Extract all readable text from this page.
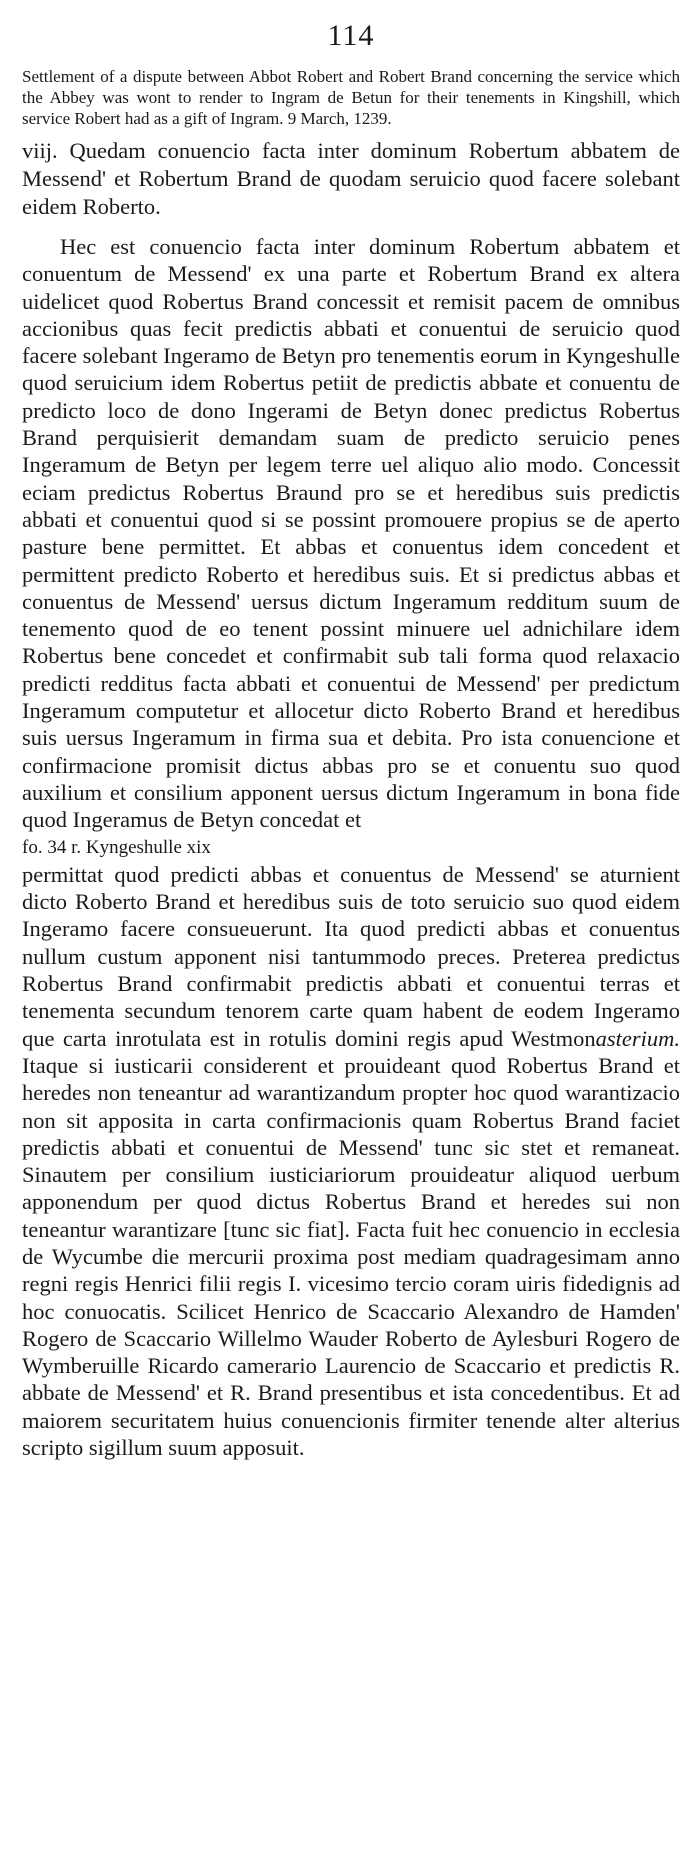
114

Settlement of a dispute between Abbot Robert and Robert Brand concerning the service which the Abbey was wont to render to Ingram de Betun for their tenements in Kingshill, which service Robert had as a gift of Ingram. 9 March, 1239.

viij. Quedam conuencio facta inter dominum Robertum abbatem de Messend' et Robertum Brand de quodam seruicio quod facere solebant eidem Roberto.

Hec est conuencio facta inter dominum Robertum abbatem et conuentum de Messend' ex una parte et Robertum Brand ex altera uidelicet quod Robertus Brand concessit et remisit pacem de omnibus accionibus quas fecit predictis abbati et conuentui de seruicio quod facere solebant Ingeramo de Betyn pro tenementis eorum in Kyngeshulle quod seruicium idem Robertus petiit de predictis abbate et conuentu de predicto loco de dono Ingerami de Betyn donec predictus Robertus Brand perquisierit demandam suam de predicto seruicio penes Ingeramum de Betyn per legem terre uel aliquo alio modo. Concessit eciam predictus Robertus Braund pro se et heredibus suis predictis abbati et conuentui quod si se possint promouere propius se de aperto pasture bene permittet. Et abbas et conuentus idem concedent et permittent predicto Roberto et heredibus suis. Et si predictus abbas et conuentus de Messend' uersus dictum Ingeramum redditum suum de tenemento quod de eo tenent possint minuere uel adnichilare idem Robertus bene concedet et confirmabit sub tali forma quod relaxacio predicti redditus facta abbati et conuentui de Messend' per predictum Ingeramum computetur et allocetur dicto Roberto Brand et heredibus suis uersus Ingeramum in firma sua et debita. Pro ista conuencione et confirmacione promisit dictus abbas pro se et conuentu suo quod auxilium et consilium apponent uersus dictum Ingeramum in bona fide quod Ingeramus de Betyn concedat et

fo. 34 r. Kyngeshulle xix

permittat quod predicti abbas et conuentus de Messend' se aturnient dicto Roberto Brand et heredibus suis de toto seruicio suo quod eidem Ingeramo facere consueuerunt. Ita quod predicti abbas et conuentus nullum custum apponent nisi tantummodo preces. Preterea predictus Robertus Brand confirmabit predictis abbati et conuentui terras et tenementa secundum tenorem carte quam habent de eodem Ingeramo que carta inrotulata est in rotulis domini regis apud Westmonasterium. Itaque si iusticarii considerent et prouideant quod Robertus Brand et heredes non teneantur ad warantizandum propter hoc quod warantizacio non sit apposita in carta confirmacionis quam Robertus Brand faciet predictis abbati et conuentui de Messend' tunc sic stet et remaneat. Sinautem per consilium iusticiariorum prouideatur aliquod uerbum apponendum per quod dictus Robertus Brand et heredes sui non teneantur warantizare [tunc sic fiat]. Facta fuit hec conuencio in ecclesia de Wycumbe die mercurii proxima post mediam quadragesimam anno regni regis Henrici filii regis I. vicesimo tercio coram uiris fidedignis ad hoc conuocatis. Scilicet Henrico de Scaccario Alexandro de Hamden' Rogero de Scaccario Willelmo Wauder Roberto de Aylesburi Rogero de Wymberuille Ricardo camerario Laurencio de Scaccario et predictis R. abbate de Messend' et R. Brand presentibus et ista concedentibus. Et ad maiorem securitatem huius conuencionis firmiter tenende alter alterius scripto sigillum suum apposuit.
